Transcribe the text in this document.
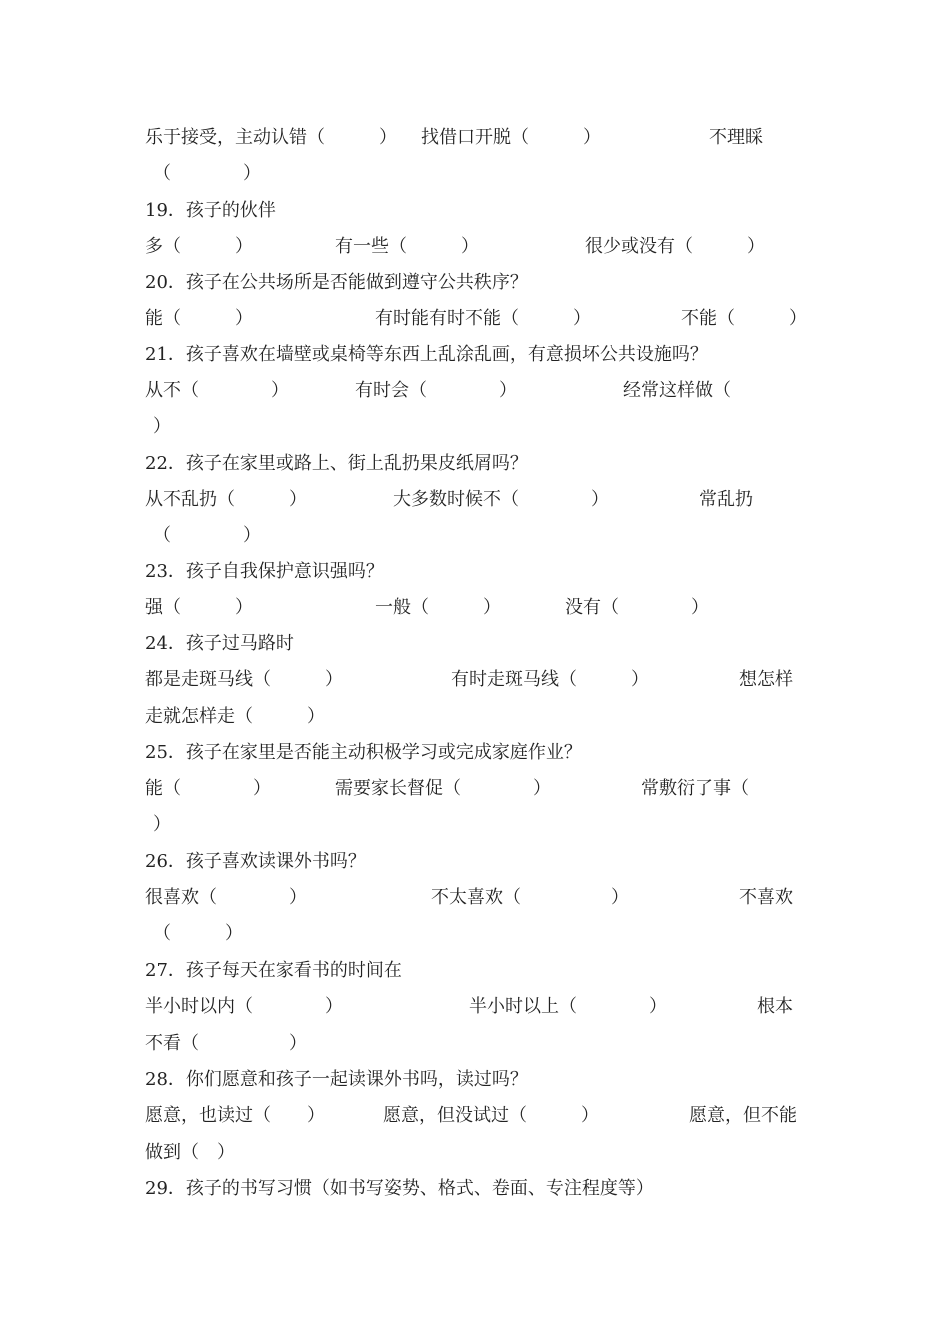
乐于接受，主动认错（　　　） 找借口开脱（　　　）	不理睬
（　　　　）
19．孩子的伙伴
多（　　　）	有一些（　　　）	很少或没有（　　　）
20．孩子在公共场所是否能做到遵守公共秩序？
能（　　　）	有时能有时不能（　　　）	不能（　　　）
21．孩子喜欢在墙壁或桌椅等东西上乱涂乱画，有意损坏公共设施吗？
从不（　　　　）	有时会（　　　　）	经常这样做（
）
22．孩子在家里或路上、街上乱扔果皮纸屑吗？
从不乱扔（　　　）	大多数时候不（　　　　）	常乱扔
（　　　　）
23．孩子自我保护意识强吗？
强（　　　）	一般（　　　）	没有（　　　　）
24．孩子过马路时
都是走斑马线（　　　）	有时走斑马线（　　　）	想怎样
走就怎样走（　　　）
25．孩子在家里是否能主动积极学习或完成家庭作业？
能（　　　　）	需要家长督促（　　　　）	常敷衍了事（
）
26．孩子喜欢读课外书吗？
很喜欢（　　　　）	不太喜欢（　　　　　）	不喜欢
（　　　）
27．孩子每天在家看书的时间在
半小时以内（　　　　）	半小时以上（　　　　）	根本
不看（　　　　　）
28．你们愿意和孩子一起读课外书吗，读过吗？
愿意，也读过（　　）	愿意，但没试过（　　　）	愿意，但不能
做到（　）
29．孩子的书写习惯（如书写姿势、格式、卷面、专注程度等）
